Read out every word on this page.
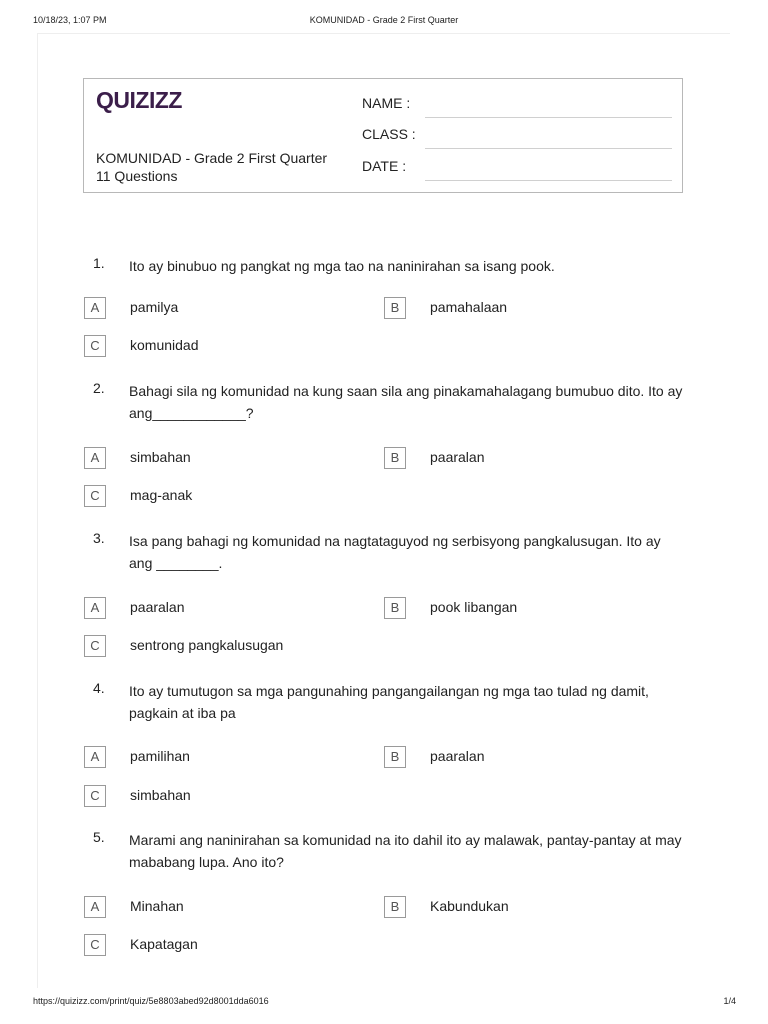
10/18/23, 1:07 PM	KOMUNIDAD - Grade 2 First Quarter
QUIZIZZ
KOMUNIDAD - Grade 2 First Quarter
11 Questions
NAME :
CLASS :
DATE :
1. Ito ay binubuo ng pangkat ng mga tao na naninirahan sa isang pook.
A	pamilya	B	pamahalaan
C	komunidad
2. Bahagi sila ng komunidad na kung saan sila ang pinakamahalagang bumubuo dito. Ito ay ang____________?
A	simbahan	B	paaralan
C	mag-anak
3. Isa pang bahagi ng komunidad na nagtataguyod ng serbisyong pangkalusugan. Ito ay ang ________.
A	paaralan	B	pook libangan
C	sentrong pangkalusugan
4. Ito ay tumutugon sa mga pangunahing pangangailangan ng mga tao tulad ng damit, pagkain at iba pa
A	pamilihan	B	paaralan
C	simbahan
5. Marami ang naninirahan sa komunidad na ito dahil ito ay malawak, pantay-pantay at may mababang lupa. Ano ito?
A	Minahan	B	Kabundukan
C	Kapatagan
https://quizizz.com/print/quiz/5e8803abed92d8001dda6016	1/4
